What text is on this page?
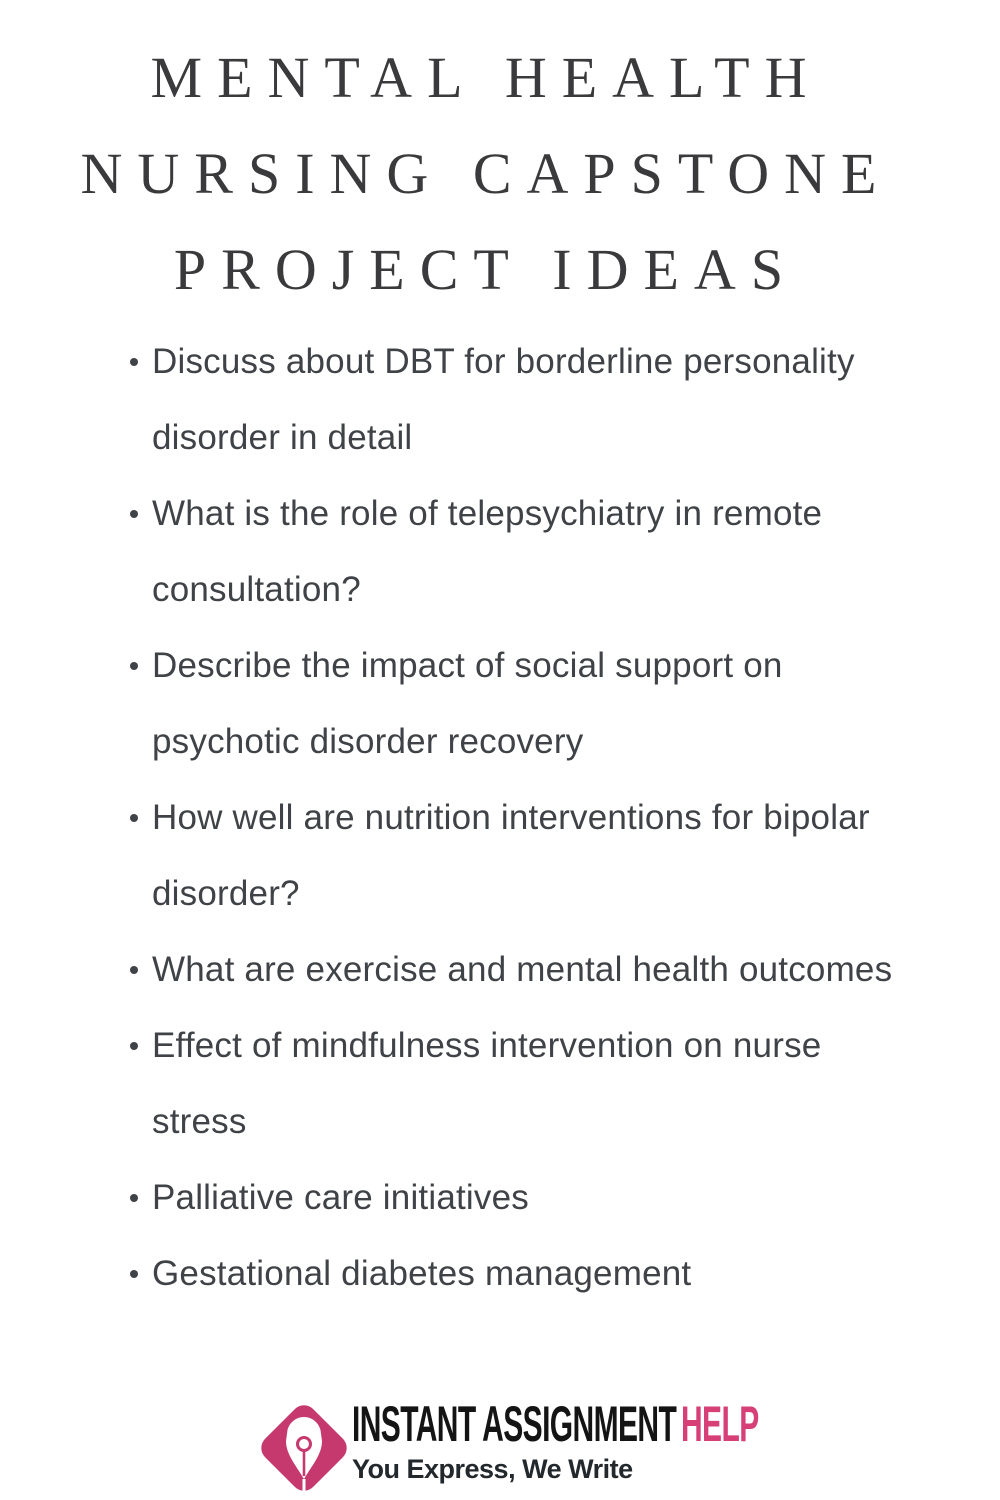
MENTAL HEALTH
NURSING CAPSTONE
PROJECT IDEAS
Discuss about DBT for borderline personality
disorder in detail
What is the role of telepsychiatry in remote
consultation?
Describe the impact of social support on
psychotic disorder recovery
How well are nutrition interventions for bipolar
disorder?
What are exercise and mental health outcomes
Effect of mindfulness intervention on nurse
stress
Palliative care initiatives
Gestational diabetes management
INSTANT ASSIGNMENTHELP
You Express, We Write
